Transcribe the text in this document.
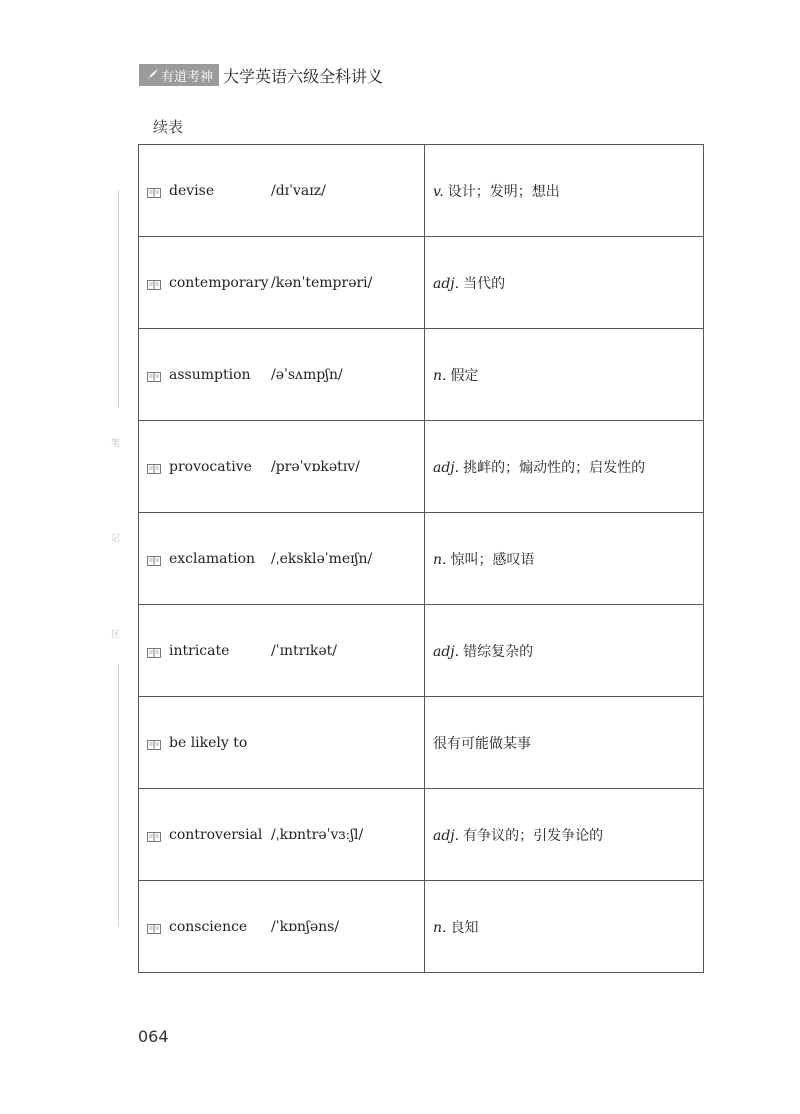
有道考神 大学英语六级全科讲义
续表
笔
记
区
devise /dɪˈvaɪz/	v. 设计；发明；想出

contemporary /kənˈtemprəri/	adj. 当代的

assumption /əˈsʌmpʃn/	n. 假定

provocative /prəˈvɒkətɪv/	adj. 挑衅的；煽动性的；启发性的

exclamation /ˌekskləˈmeɪʃn/	n. 惊叫；感叹语

intricate /ˈɪntrɪkət/	adj. 错综复杂的

be likely to	很有可能做某事

controversial /ˌkɒntrəˈvɜːʃl/	adj. 有争议的；引发争论的

conscience /ˈkɒnʃəns/	n. 良知
064
